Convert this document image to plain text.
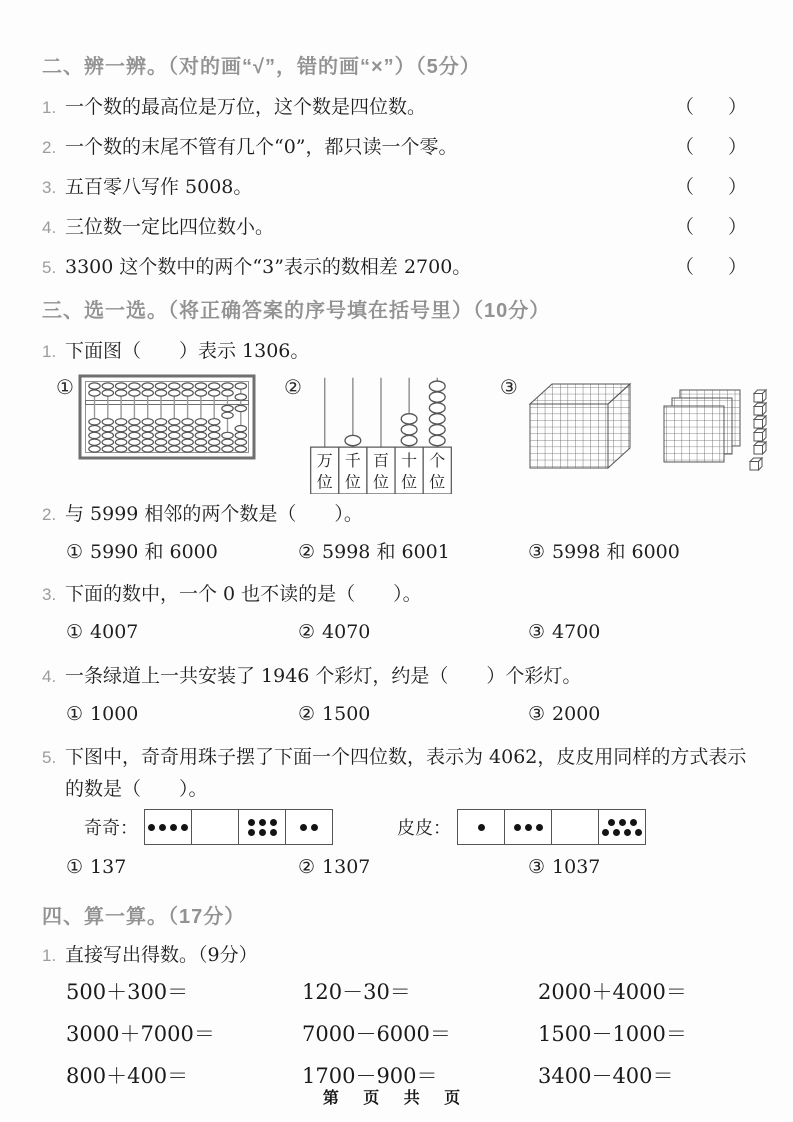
二、辨一辨。（对的画“√”，错的画“×”）（5分）
1. 一个数的最高位是万位，这个数是四位数。	（ ）
2. 一个数的末尾不管有几个“0”，都只读一个零。	（ ）
3. 五百零八写作 5008。	（ ）
4. 三位数一定比四位数小。	（ ）
5. 3300 这个数中的两个“3”表示的数相差 2700。	（ ）
三、选一选。（将正确答案的序号填在括号里）（10分）
1. 下面图（　　）表示 1306。
①	②
万
位
千
位
百
位
十
位
个
位
③
2. 与 5999 相邻的两个数是（　　）。
① 5990 和 6000	② 5998 和 6001	③ 5998 和 6000
3. 下面的数中，一个 0 也不读的是（　　）。
① 4007	② 4070	③ 4700
4. 一条绿道上一共安装了 1946 个彩灯，约是（　　）个彩灯。
① 1000	② 1500	③ 2000
5. 下图中，奇奇用珠子摆了下面一个四位数，表示为 4062，皮皮用同样的方式表示的数是（　　）。
奇奇：	皮皮：
① 137	② 1307	③ 1037
四、算一算。（17分）
1. 直接写出得数。（9分）
500＋300＝	120－30＝	2000＋4000＝
3000＋7000＝	7000－6000＝	1500－1000＝
800＋400＝	1700－900＝	3400－400＝
第 页 共 页
